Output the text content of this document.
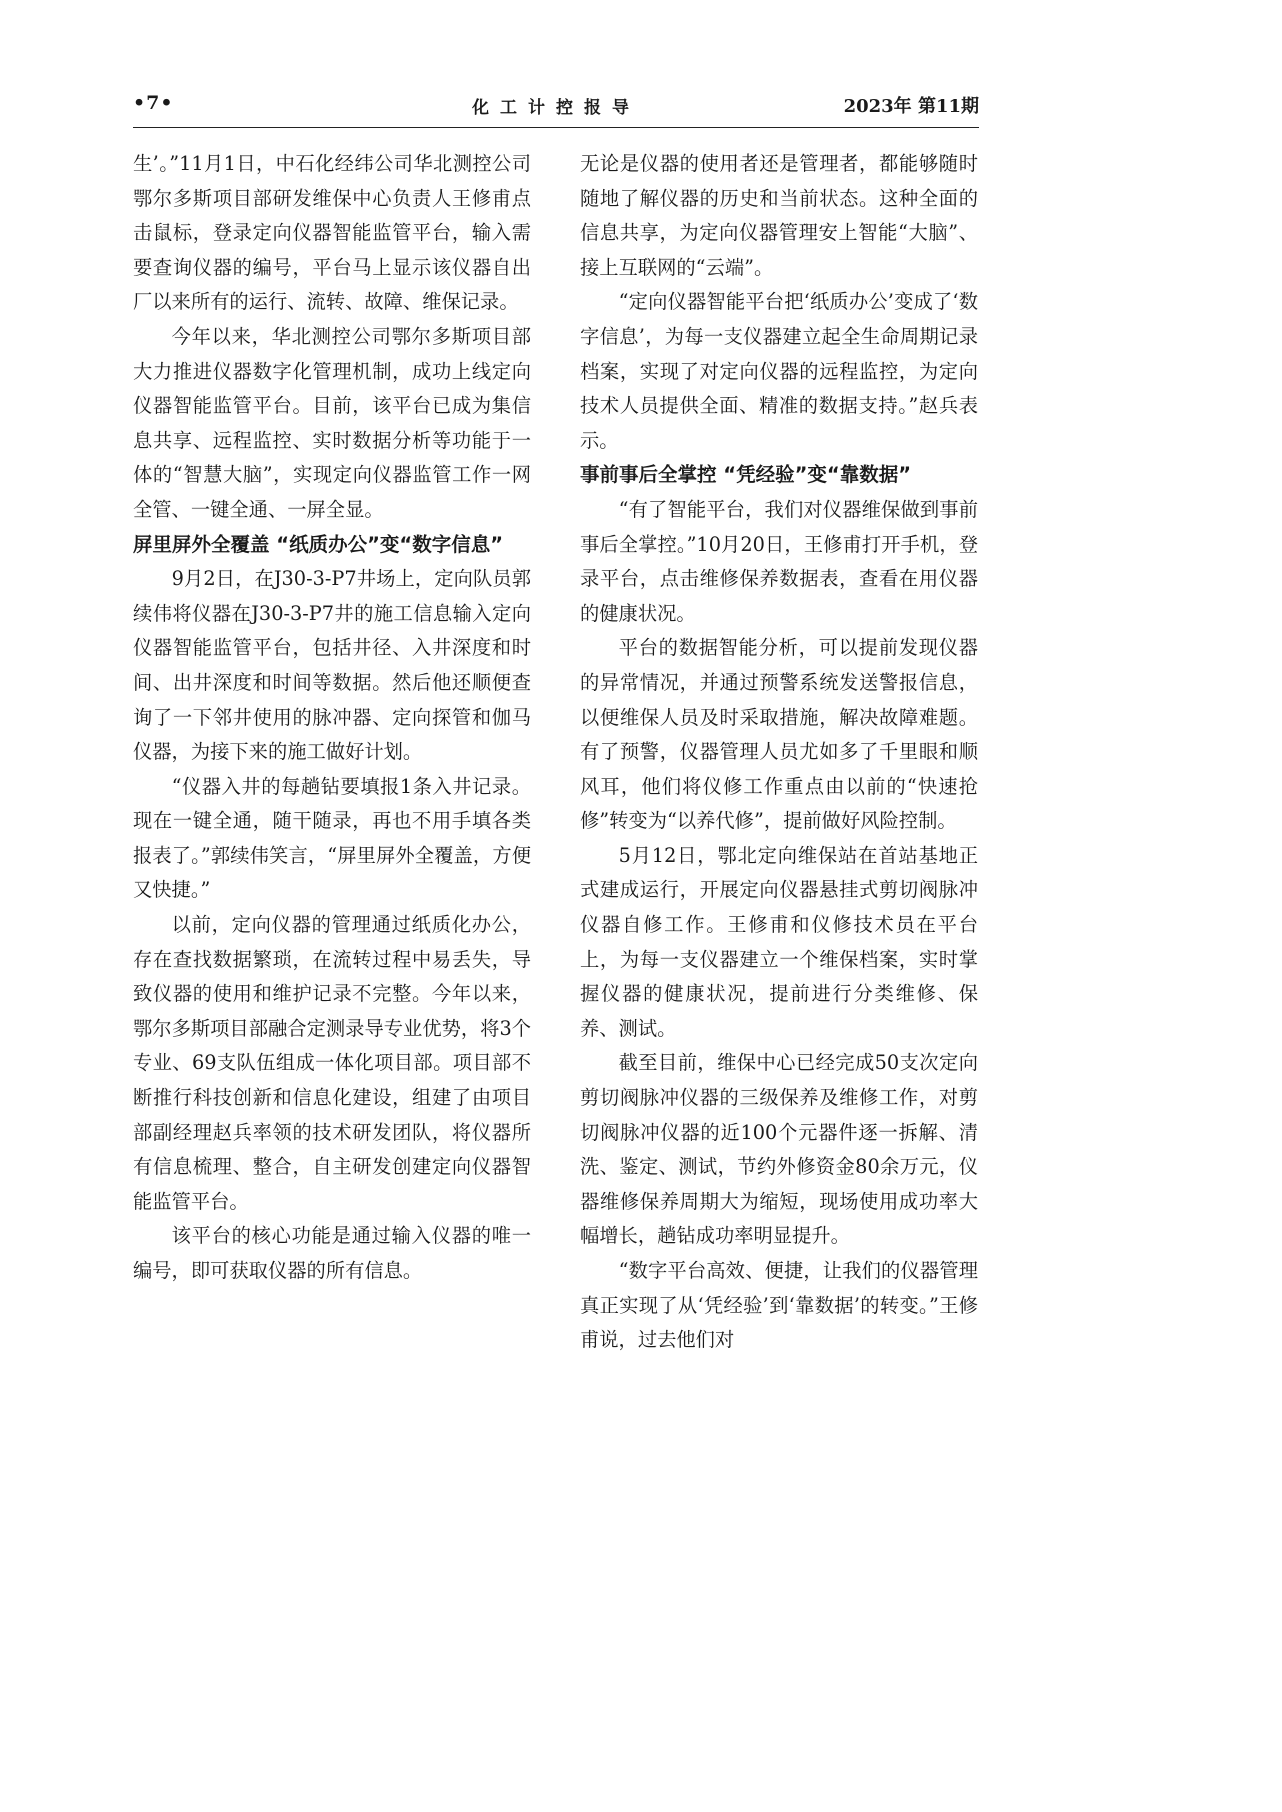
•7•	化工计控报导	2023年 第11期

生’。”11月1日，中石化经纬公司华北测控公司鄂尔多斯项目部研发维保中心负责人王修甫点击鼠标，登录定向仪器智能监管平台，输入需要查询仪器的编号，平台马上显示该仪器自出厂以来所有的运行、流转、故障、维保记录。

今年以来，华北测控公司鄂尔多斯项目部大力推进仪器数字化管理机制，成功上线定向仪器智能监管平台。目前，该平台已成为集信息共享、远程监控、实时数据分析等功能于一体的“智慧大脑”，实现定向仪器监管工作一网全管、一键全通、一屏全显。

屏里屏外全覆盖 “纸质办公”变“数字信息”

9月2日，在J30-3-P7井场上，定向队员郭续伟将仪器在J30-3-P7井的施工信息输入定向仪器智能监管平台，包括井径、入井深度和时间、出井深度和时间等数据。然后他还顺便查询了一下邻井使用的脉冲器、定向探管和伽马仪器，为接下来的施工做好计划。

“仪器入井的每趟钻要填报1条入井记录。现在一键全通，随干随录，再也不用手填各类报表了。”郭续伟笑言，“屏里屏外全覆盖，方便又快捷。”

以前，定向仪器的管理通过纸质化办公，存在查找数据繁琐，在流转过程中易丢失，导致仪器的使用和维护记录不完整。今年以来，鄂尔多斯项目部融合定测录导专业优势，将3个专业、69支队伍组成一体化项目部。项目部不断推行科技创新和信息化建设，组建了由项目部副经理赵兵率领的技术研发团队，将仪器所有信息梳理、整合，自主研发创建定向仪器智能监管平台。

该平台的核心功能是通过输入仪器的唯一编号，即可获取仪器的所有信息。

无论是仪器的使用者还是管理者，都能够随时随地了解仪器的历史和当前状态。这种全面的信息共享，为定向仪器管理安上智能“大脑”、接上互联网的“云端”。

“定向仪器智能平台把‘纸质办公’变成了‘数字信息’，为每一支仪器建立起全生命周期记录档案，实现了对定向仪器的远程监控，为定向技术人员提供全面、精准的数据支持。”赵兵表示。

事前事后全掌控 “凭经验”变“靠数据”

“有了智能平台，我们对仪器维保做到事前事后全掌控。”10月20日，王修甫打开手机，登录平台，点击维修保养数据表，查看在用仪器的健康状况。

平台的数据智能分析，可以提前发现仪器的异常情况，并通过预警系统发送警报信息，以便维保人员及时采取措施，解决故障难题。有了预警，仪器管理人员尤如多了千里眼和顺风耳，他们将仪修工作重点由以前的“快速抢修”转变为“以养代修”，提前做好风险控制。

5月12日，鄂北定向维保站在首站基地正式建成运行，开展定向仪器悬挂式剪切阀脉冲仪器自修工作。王修甫和仪修技术员在平台上，为每一支仪器建立一个维保档案，实时掌握仪器的健康状况，提前进行分类维修、保养、测试。

截至目前，维保中心已经完成50支次定向剪切阀脉冲仪器的三级保养及维修工作，对剪切阀脉冲仪器的近100个元器件逐一拆解、清洗、鉴定、测试，节约外修资金80余万元，仪器维修保养周期大为缩短，现场使用成功率大幅增长，趟钻成功率明显提升。

“数字平台高效、便捷，让我们的仪器管理真正实现了从‘凭经验’到‘靠数据’的转变。”王修甫说，过去他们对
